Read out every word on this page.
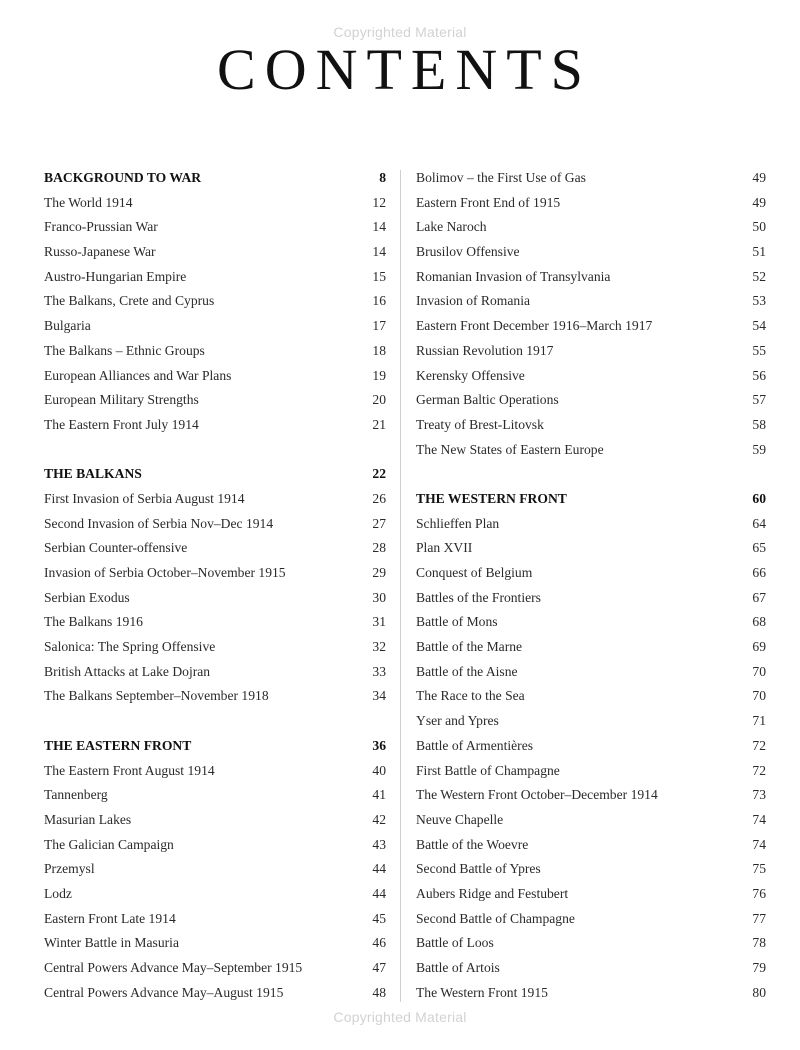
Copyrighted Material
CONTENTS
BACKGROUND TO WAR	8
The World 1914	12
Franco-Prussian War	14
Russo-Japanese War	14
Austro-Hungarian Empire	15
The Balkans, Crete and Cyprus	16
Bulgaria	17
The Balkans – Ethnic Groups	18
European Alliances and War Plans	19
European Military Strengths	20
The Eastern Front July 1914	21
THE BALKANS	22
First Invasion of Serbia August 1914	26
Second Invasion of Serbia Nov–Dec 1914	27
Serbian Counter-offensive	28
Invasion of Serbia October–November 1915	29
Serbian Exodus	30
The Balkans 1916	31
Salonica: The Spring Offensive	32
British Attacks at Lake Dojran	33
The Balkans September–November 1918	34
THE EASTERN FRONT	36
The Eastern Front August 1914	40
Tannenberg	41
Masurian Lakes	42
The Galician Campaign	43
Przemysl	44
Lodz	44
Eastern Front Late 1914	45
Winter Battle in Masuria	46
Central Powers Advance May–September 1915	47
Central Powers Advance May–August 1915	48
Bolimov – the First Use of Gas	49
Eastern Front End of 1915	49
Lake Naroch	50
Brusilov Offensive	51
Romanian Invasion of Transylvania	52
Invasion of Romania	53
Eastern Front December 1916–March 1917	54
Russian Revolution 1917	55
Kerensky Offensive	56
German Baltic Operations	57
Treaty of Brest-Litovsk	58
The New States of Eastern Europe	59
THE WESTERN FRONT	60
Schlieffen Plan	64
Plan XVII	65
Conquest of Belgium	66
Battles of the Frontiers	67
Battle of Mons	68
Battle of the Marne	69
Battle of the Aisne	70
The Race to the Sea	70
Yser and Ypres	71
Battle of Armentières	72
First Battle of Champagne	72
The Western Front October–December 1914	73
Neuve Chapelle	74
Battle of the Woevre	74
Second Battle of Ypres	75
Aubers Ridge and Festubert	76
Second Battle of Champagne	77
Battle of Loos	78
Battle of Artois	79
The Western Front 1915	80
Copyrighted Material
